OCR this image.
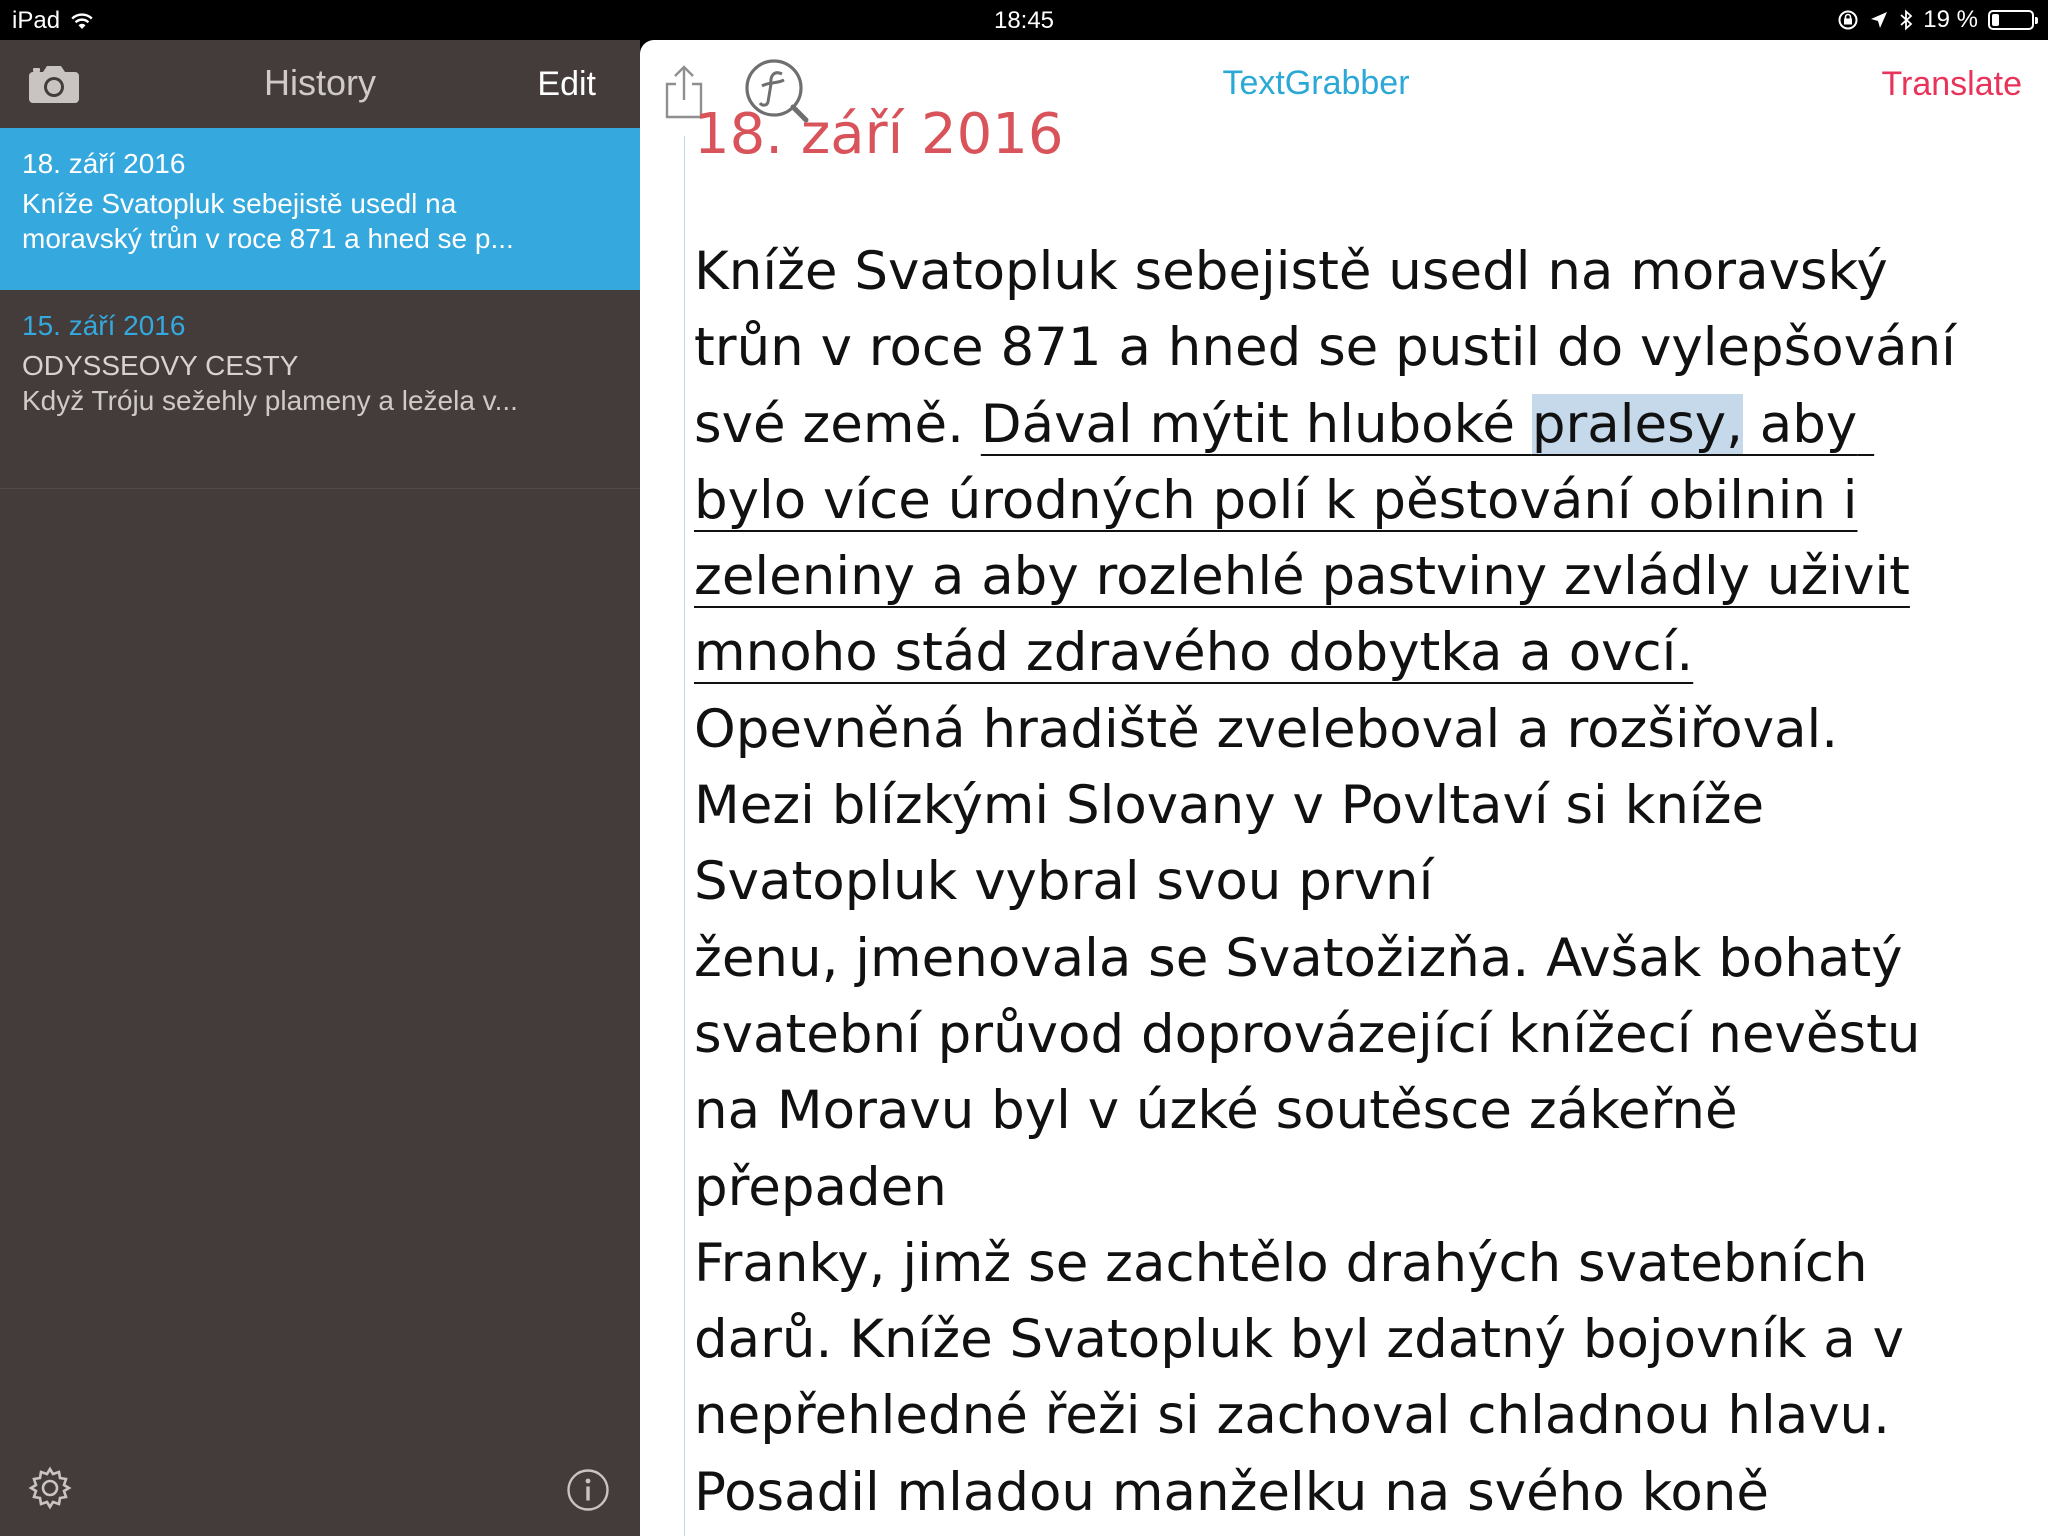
iPad	18:45	19 %
History	Edit
18. září 2016
Kníže Svatopluk sebejistě usedl na
moravský trůn v roce 871 a hned se p...
15. září 2016
ODYSSEOVY CESTY
Když Tróju sežehly plameny a ležela v...
TextGrabber	Translate
18. září 2016
Kníže Svatopluk sebejistě usedl na moravský
trůn v roce 871 a hned se pustil do vylepšování
své země. Dával mýtit hluboké pralesy, aby
bylo více úrodných polí k pěstování obilnin i
zeleniny a aby rozlehlé pastviny zvládly uživit
mnoho stád zdravého dobytka a ovcí.
Opevněná hradiště zveleboval a rozšiřoval.
Mezi blízkými Slovany v Povltaví si kníže
Svatopluk vybral svou první
ženu, jmenovala se Svatožizňa. Avšak bohatý
svatební průvod doprovázející knížecí nevěstu
na Moravu byl v úzké soutěsce zákeřně
přepaden
Franky, jimž se zachtělo drahých svatebních
darů. Kníže Svatopluk byl zdatný bojovník a v
nepřehledné řeži si zachoval chladnou hlavu.
Posadil mladou manželku na svého koně
